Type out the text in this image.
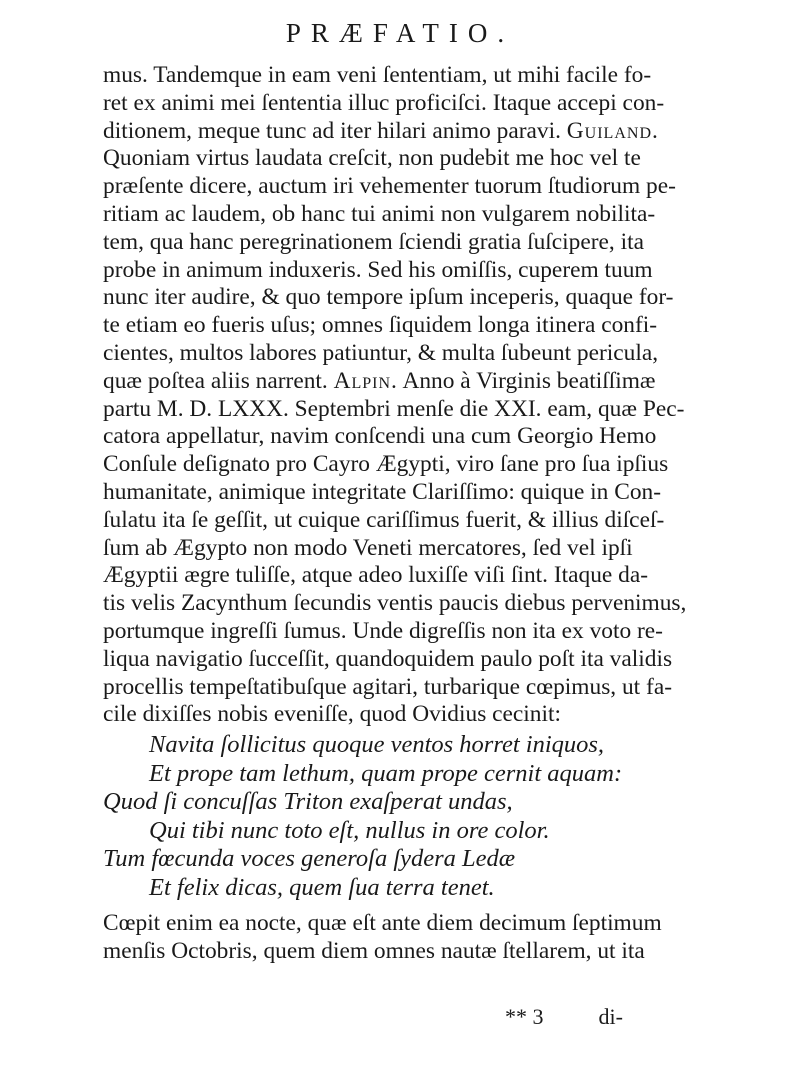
PRÆFATIO.
mus. Tandemque in eam veni ſententiam, ut mihi facile fo-
ret ex animi mei ſententia illuc proficiſci. Itaque accepi con-
ditionem, meque tunc ad iter hilari animo paravi. Guiland.
Quoniam virtus laudata creſcit, non pudebit me hoc vel te
præſente dicere, auctum iri vehementer tuorum ſtudiorum pe-
ritiam ac laudem, ob hanc tui animi non vulgarem nobilita-
tem, qua hanc peregrinationem ſciendi gratia ſuſcipere, ita
probe in animum induxeris. Sed his omiſſis, cuperem tuum
nunc iter audire, & quo tempore ipſum inceperis, quaque for-
te etiam eo fueris uſus; omnes ſiquidem longa itinera confi-
cientes, multos labores patiuntur, & multa ſubeunt pericula,
quæ poſtea aliis narrent. Alpin. Anno à Virginis beatiſſimæ
partu M. D. LXXX. Septembri menſe die XXI. eam, quæ Pec-
catora appellatur, navim conſcendi una cum Georgio Hemo
Conſule deſignato pro Cayro Ægypti, viro ſane pro ſua ipſius
humanitate, animique integritate Clariſſimo: quique in Con-
ſulatu ita ſe geſſit, ut cuique cariſſimus fuerit, & illius diſceſ-
ſum ab Ægypto non modo Veneti mercatores, ſed vel ipſi
Ægyptii ægre tuliſſe, atque adeo luxiſſe viſi ſint. Itaque da-
tis velis Zacynthum ſecundis ventis paucis diebus pervenimus,
portumque ingreſſi ſumus. Unde digreſſis non ita ex voto re-
liqua navigatio ſucceſſit, quandoquidem paulo poſt ita validis
procellis tempeſtatibuſque agitari, turbarique cœpimus, ut fa-
cile dixiſſes nobis eveniſſe, quod Ovidius cecinit:
Navita ſollicitus quoque ventos horret iniquos,
Et prope tam lethum, quam prope cernit aquam:
Quod ſi concuſſas Triton exaſperat undas,
Qui tibi nunc toto eſt, nullus in ore color.
Tum fœcunda voces generoſa ſydera Ledæ
Et felix dicas, quem ſua terra tenet.
Cœpit enim ea nocte, quæ eſt ante diem decimum ſeptimum
menſis Octobris, quem diem omnes nautæ ſtellarem, ut ita
** 3	di-
